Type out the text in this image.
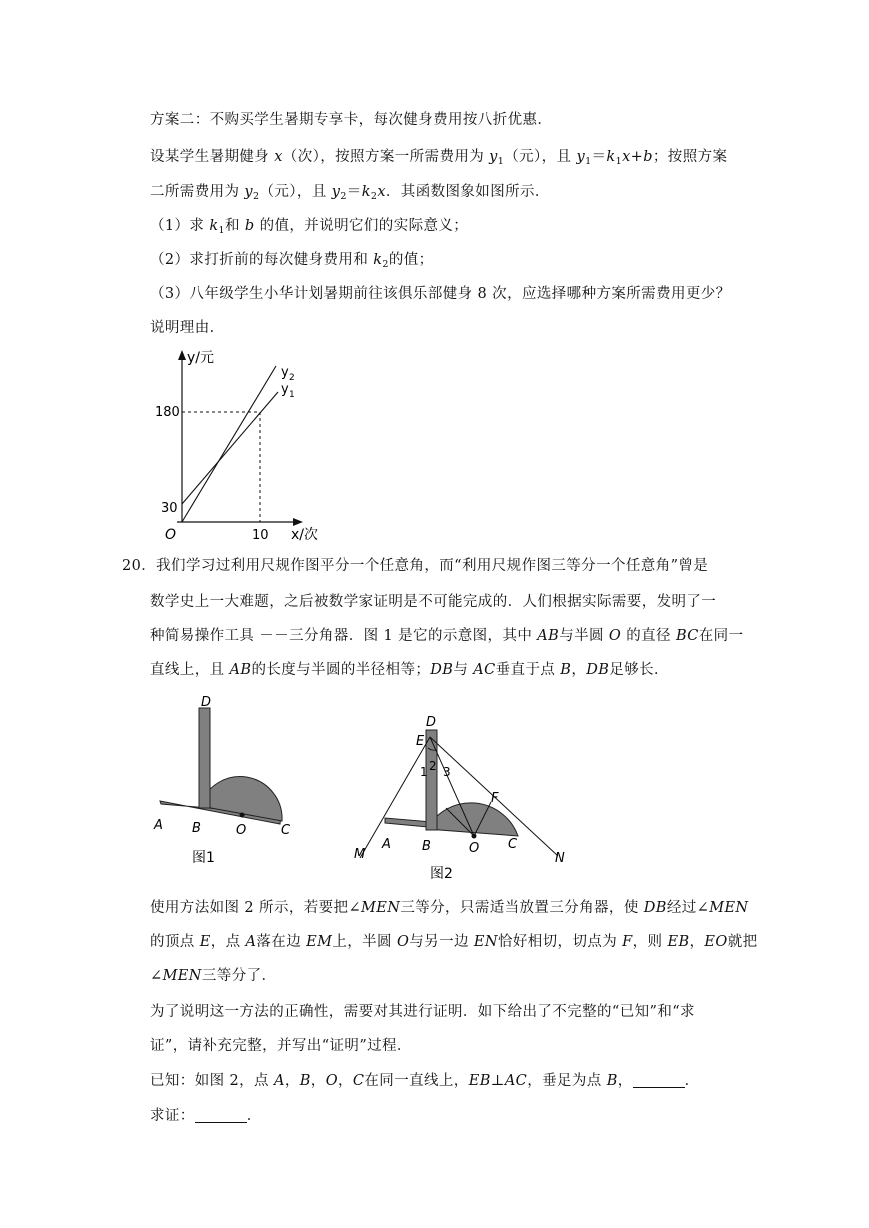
方案二：不购买学生暑期专享卡，每次健身费用按八折优惠．
设某学生暑期健身 x（次），按照方案一所需费用为 $y_1$（元），且 $y_1=k_1x+b$；按照方案
二所需费用为 $y_2$（元），且 $y_2=k_2x$．其函数图象如图所示．
（1）求 $k_1$和 b 的值，并说明它们的实际意义；
（2）求打折前的每次健身费用和 $k_2$的值；
（3）八年级学生小华计划暑期前往该俱乐部健身 8 次，应选择哪种方案所需费用更少？
说明理由．
y/元
y 2
y 1
180
30
O	10 x/次
20．我们学习过利用尺规作图平分一个任意角，而“利用尺规作图三等分一个任意角”曾是
数学史上一大难题，之后被数学家证明是不可能完成的．人们根据实际需要，发明了一
种简易操作工具 －－三分角器．图 1 是它的示意图，其中 AB与半圆 O 的直径 BC在同一
直线上，且 AB的长度与半圆的半径相等；DB与 AC垂直于点 B，DB足够长．
D
A B	O	C
图1
D
E
1 2 3
F
M
A B	O C
N
图2
使用方法如图 2 所示，若要把∠MEN三等分，只需适当放置三分角器，使 DB经过∠MEN
的顶点 E，点 A落在边 EM上，半圆 O与另一边 EN恰好相切，切点为 F，则 EB，EO就把
∠MEN三等分了．
为了说明这一方法的正确性，需要对其进行证明．如下给出了不完整的“已知”和“求
证”，请补充完整，并写出“证明”过程．
已知：如图 2，点 A，B，O，C在同一直线上，EB⊥AC，垂足为点 B，	．
求证：	．
